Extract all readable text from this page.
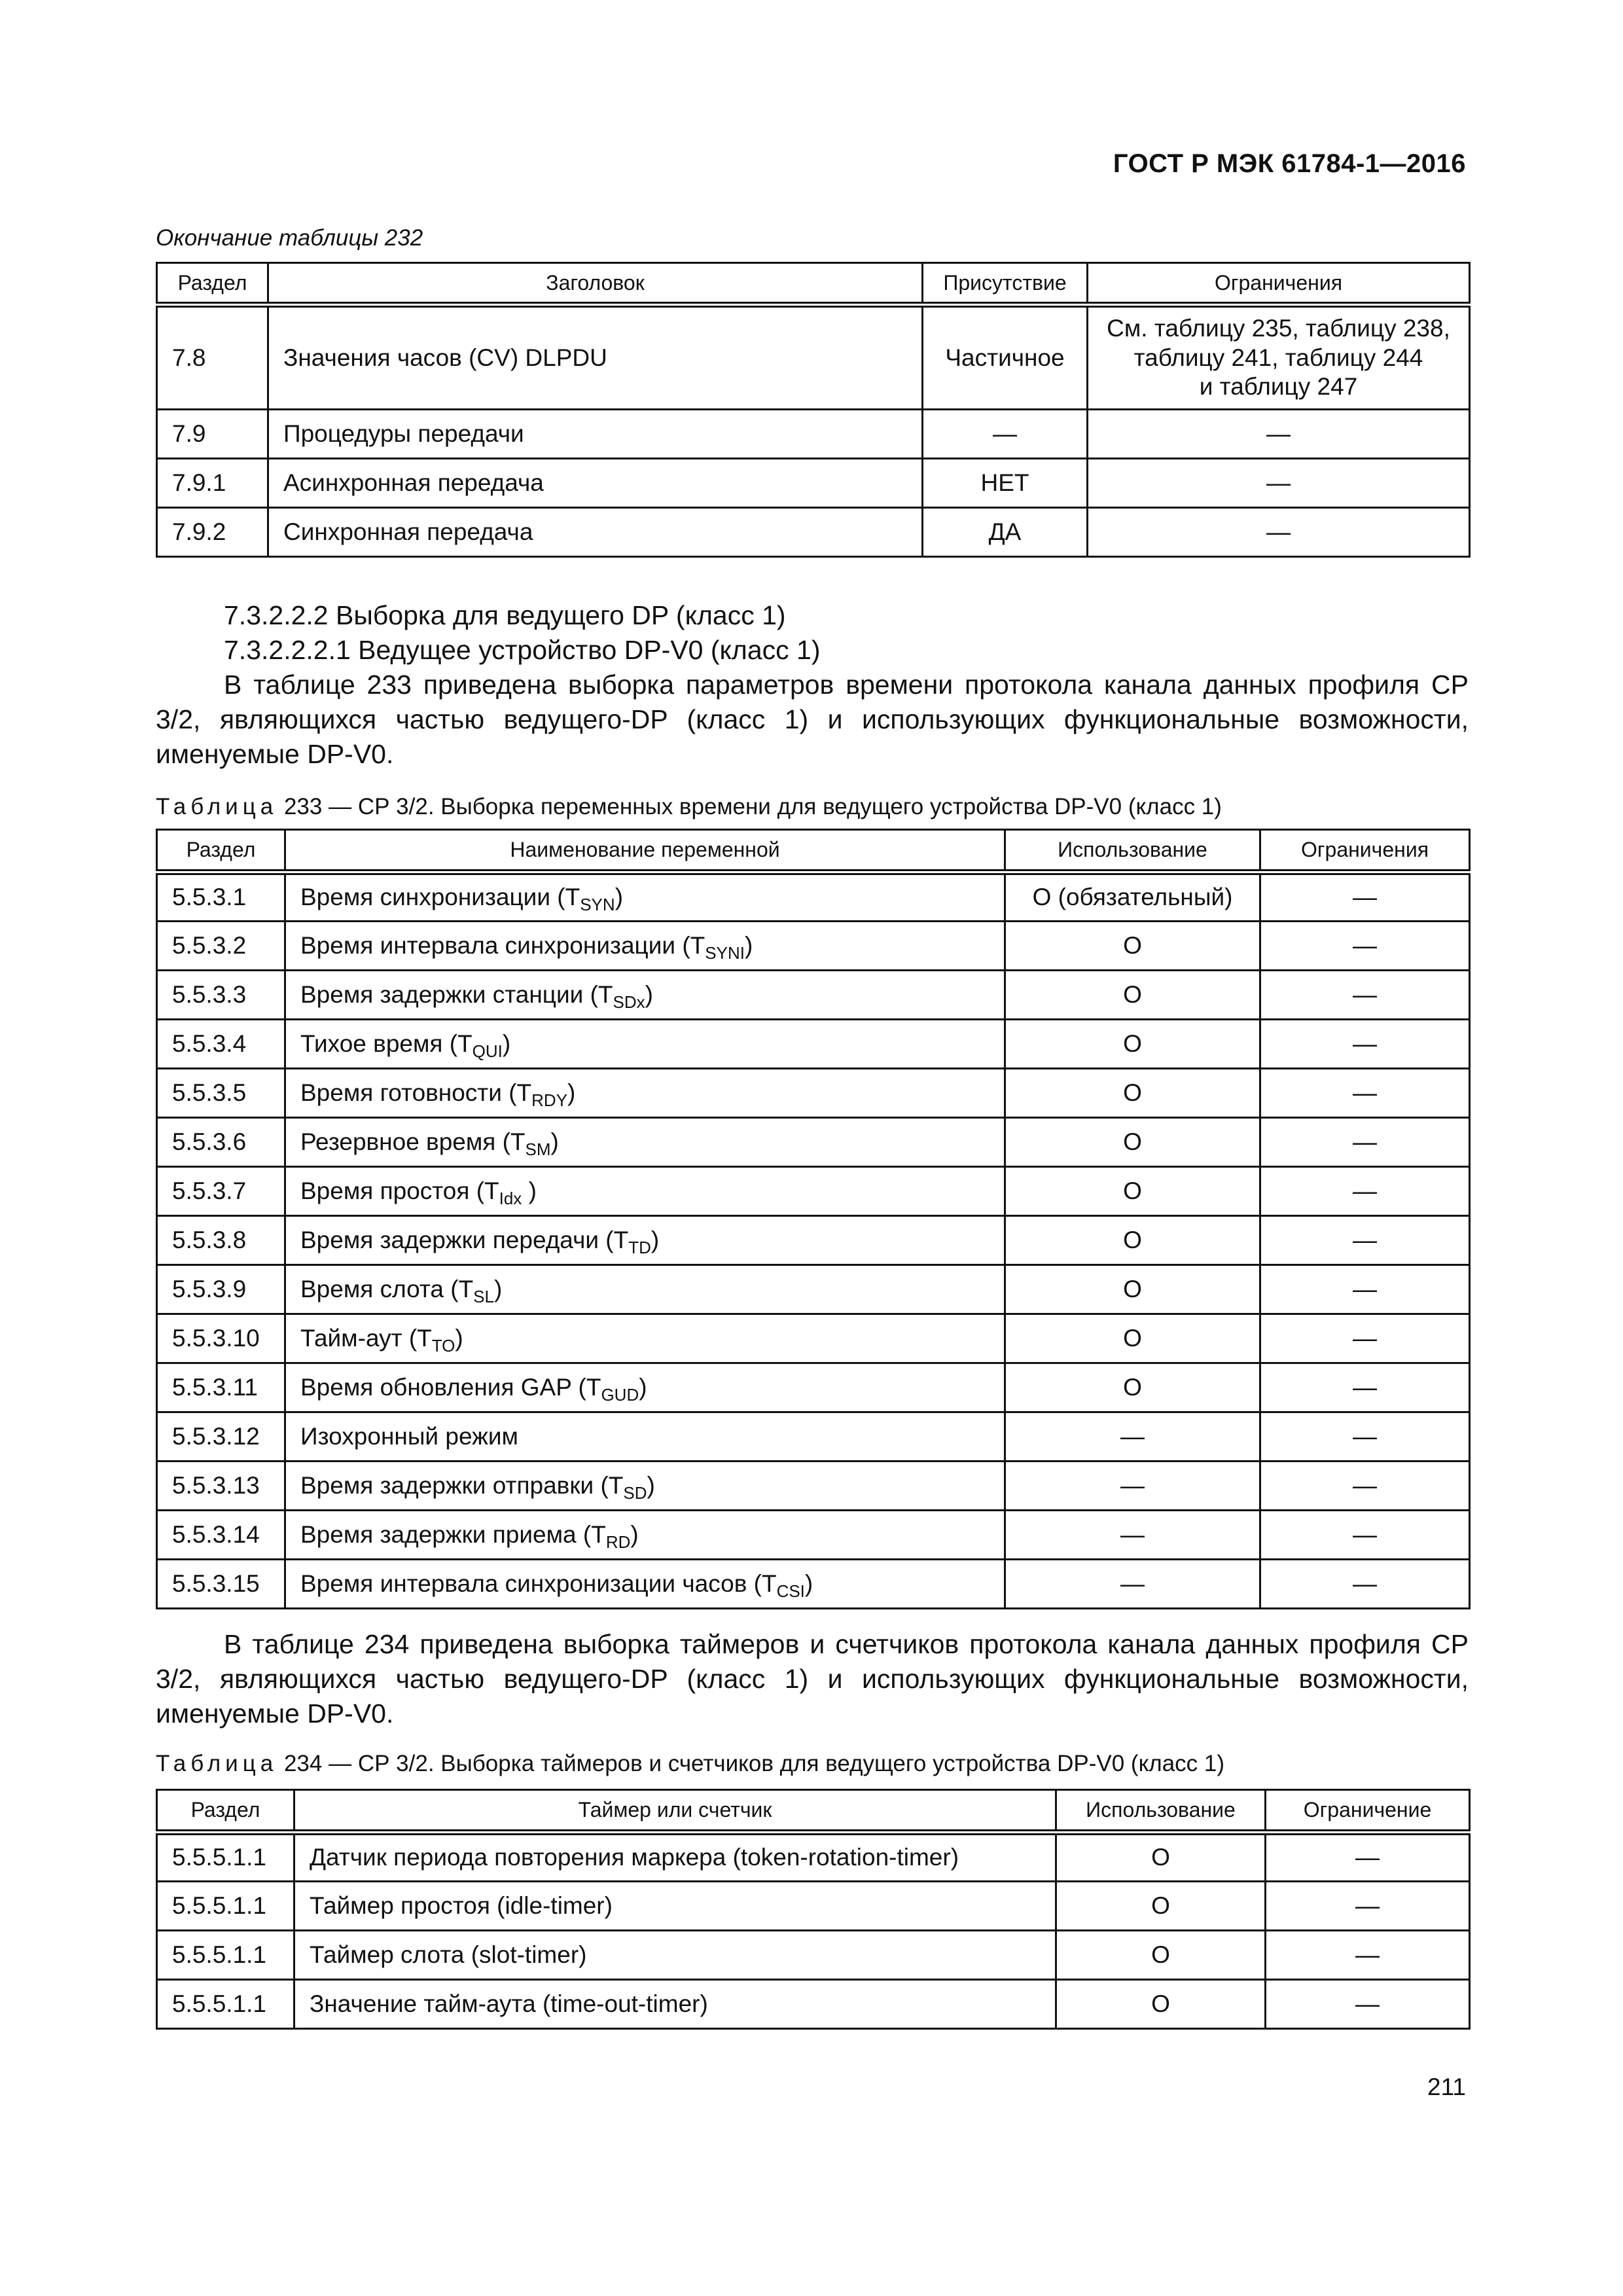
ГОСТ Р МЭК 61784-1—2016
Окончание таблицы 232
Раздел	Заголовок	Присутствие	Ограничения
7.8	Значения часов (CV) DLPDU	Частичное	См. таблицу 235, таблицу 238,
таблицу 241, таблицу 244
и таблицу 247

7.9	Процедуры передачи	—	—

7.9.1	Асинхронная передача	НЕТ	—

7.9.2	Синхронная передача	ДА	—

7.3.2.2.2 Выборка для ведущего DP (класс 1)

7.3.2.2.2.1 Ведущее устройство DP-V0 (класс 1)

В таблице 233 приведена выборка параметров времени протокола канала данных профиля СР 3/2, являющихся частью ведущего-DP (класс 1) и использующих функциональные возможности, именуемые DP-V0.

Таблица 233 — СР 3/2. Выборка переменных времени для ведущего устройства DP-V0 (класс 1)
Раздел	Наименование переменной	Использование	Ограничения
5.5.3.1	Время синхронизации $(T_{SYN})$	О (обязательный)	—
5.5.3.2	Время интервала синхронизации $(T_{SYNI})$	О	—
5.5.3.3	Время задержки станции $(T_{SDx})$	О	—
5.5.3.4	Тихое время $(T_{QUI})$	О	—
5.5.3.5	Время готовности $(T_{RDY})$	О	—
5.5.3.6	Резервное время $(T_{SM})$	О	—
5.5.3.7	Время простоя ($T_{Idx}$ )	О	—
5.5.3.8	Время задержки передачи $(T_{TD})$	О	—
5.5.3.9	Время слота $(T_{SL})$	О	—
5.5.3.10	Тайм-аут $(T_{TO})$	О	—
5.5.3.11	Время обновления GAP $(T_{GUD})$	О	—
5.5.3.12	Изохронный режим	—	—
5.5.3.13	Время задержки отправки $(T_{SD})$	—	—
5.5.3.14	Время задержки приема $(T_{RD})$	—	—
5.5.3.15	Время интервала синхронизации часов $(T_{CSI})$	—	—

В таблице 234 приведена выборка таймеров и счетчиков протокола канала данных профиля СР 3/2, являющихся частью ведущего-DP (класс 1) и использующих функциональные возможности, именуемые DP-V0.

Таблица 234 — СР 3/2. Выборка таймеров и счетчиков для ведущего устройства DP-V0 (класс 1)
Раздел	Таймер или счетчик	Использование	Ограничение
5.5.5.1.1	Датчик периода повторения маркера (token-rotation-timer)	О	—
5.5.5.1.1	Таймер простоя (idle-timer)	О	—
5.5.5.1.1	Таймер слота (slot-timer)	О	—
5.5.5.1.1	Значение тайм-аута (time-out-timer)	О	—
211
